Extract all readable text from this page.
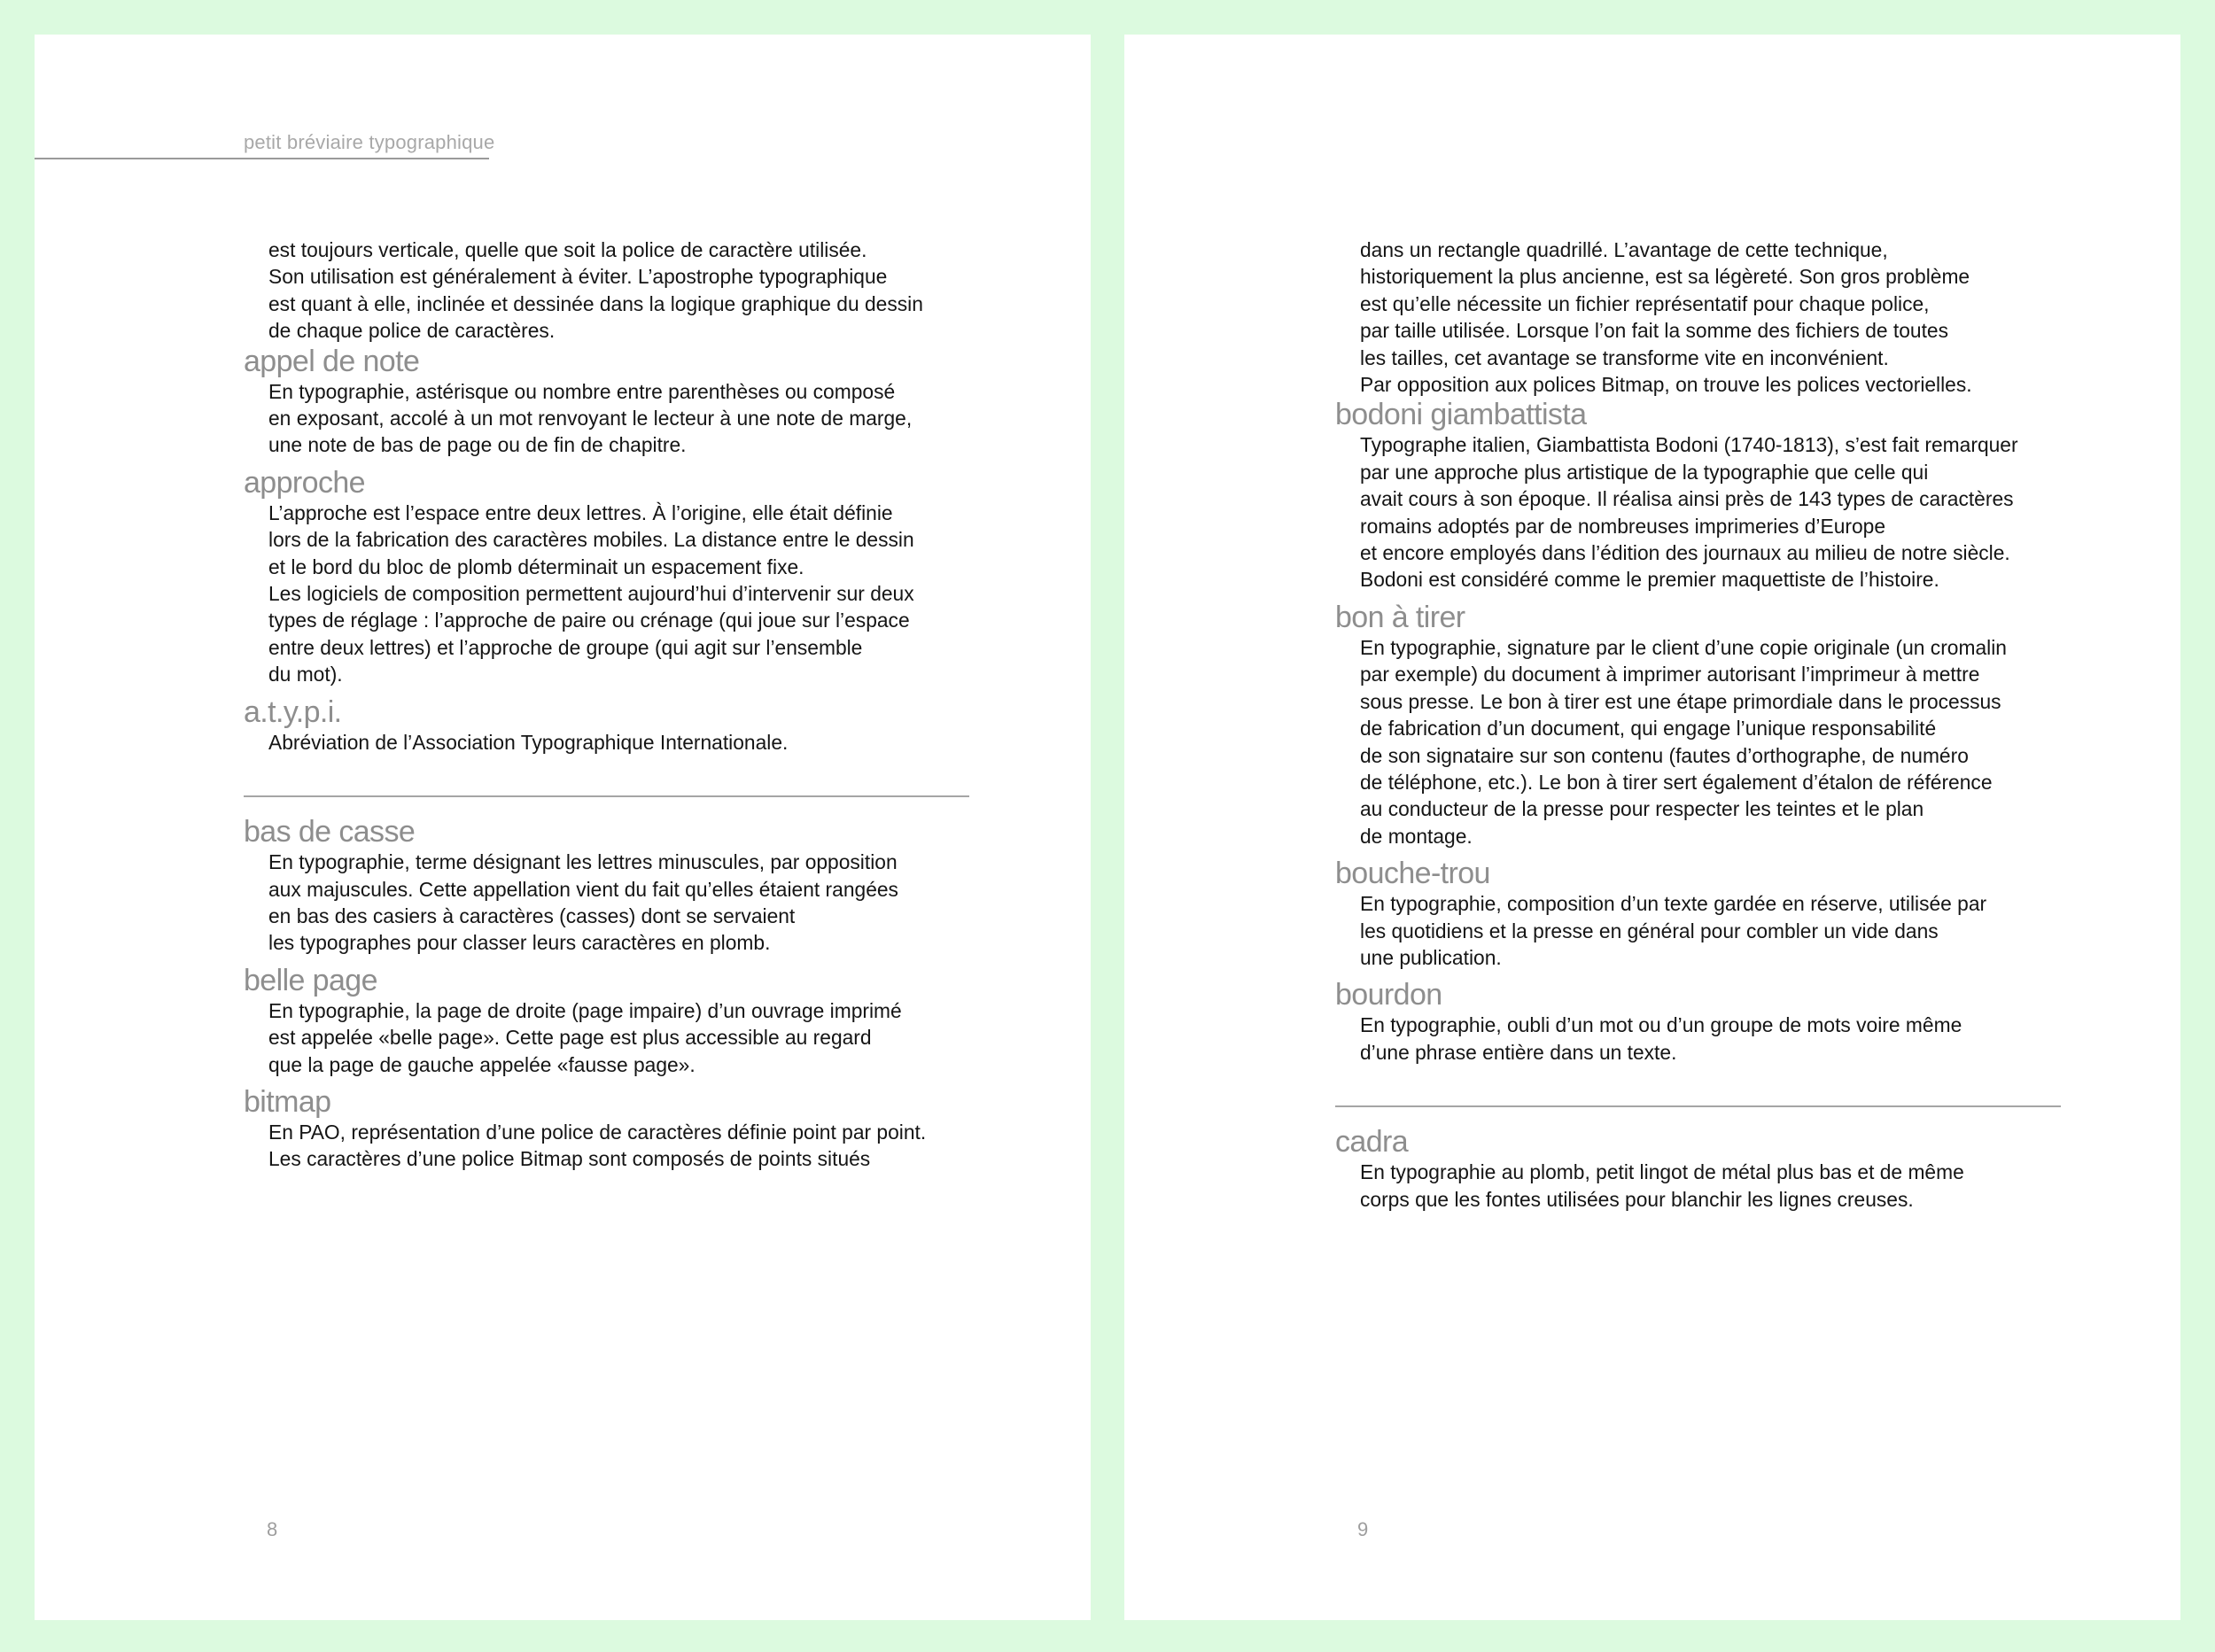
petit bréviaire typographique
est toujours verticale, quelle que soit la police de caractère utilisée.
Son utilisation est généralement à éviter. L’apostrophe typographique
est quant à elle, inclinée et dessinée dans la logique graphique du dessin
de chaque police de caractères.
appel de note
En typographie, astérisque ou nombre entre parenthèses ou composé
en exposant, accolé à un mot renvoyant le lecteur à une note de marge,
une note de bas de page ou de fin de chapitre.
approche
L’approche est l’espace entre deux lettres. À l’origine, elle était définie
lors de la fabrication des caractères mobiles. La distance entre le dessin
et le bord du bloc de plomb déterminait un espacement fixe.
Les logiciels de composition permettent aujourd’hui d’intervenir sur deux
types de réglage : l’approche de paire ou crénage (qui joue sur l’espace
entre deux lettres) et l’approche de groupe (qui agit sur l’ensemble
du mot).
a.t.y.p.i.
Abréviation de l’Association Typographique Internationale.
bas de casse
En typographie, terme désignant les lettres minuscules, par opposition
aux majuscules. Cette appellation vient du fait qu’elles étaient rangées
en bas des casiers à caractères (casses) dont se servaient
les typographes pour classer leurs caractères en plomb.
belle page
En typographie, la page de droite (page impaire) d’un ouvrage imprimé
est appelée «belle page». Cette page est plus accessible au regard
que la page de gauche appelée «fausse page».
bitmap
En PAO, représentation d’une police de caractères définie point par point.
Les caractères d’une police Bitmap sont composés de points situés
8
dans un rectangle quadrillé. L’avantage de cette technique,
historiquement la plus ancienne, est sa légèreté. Son gros problème
est qu’elle nécessite un fichier représentatif pour chaque police,
par taille utilisée. Lorsque l’on fait la somme des fichiers de toutes
les tailles, cet avantage se transforme vite en inconvénient.
Par opposition aux polices Bitmap, on trouve les polices vectorielles.
bodoni giambattista
Typographe italien, Giambattista Bodoni (1740-1813), s’est fait remarquer
par une approche plus artistique de la typographie que celle qui
avait cours à son époque. Il réalisa ainsi près de 143 types de caractères
romains adoptés par de nombreuses imprimeries d’Europe
et encore employés dans l’édition des journaux au milieu de notre siècle.
Bodoni est considéré comme le premier maquettiste de l’histoire.
bon à tirer
En typographie, signature par le client d’une copie originale (un cromalin
par exemple) du document à imprimer autorisant l’imprimeur à mettre
sous presse. Le bon à tirer est une étape primordiale dans le processus
de fabrication d’un document, qui engage l’unique responsabilité
de son signataire sur son contenu (fautes d’orthographe, de numéro
de téléphone, etc.). Le bon à tirer sert également d’étalon de référence
au conducteur de la presse pour respecter les teintes et le plan
de montage.
bouche-trou
En typographie, composition d’un texte gardée en réserve, utilisée par
les quotidiens et la presse en général pour combler un vide dans
une publication.
bourdon
En typographie, oubli d’un mot ou d’un groupe de mots voire même
d’une phrase entière dans un texte.
cadra
En typographie au plomb, petit lingot de métal plus bas et de même
corps que les fontes utilisées pour blanchir les lignes creuses.
9
